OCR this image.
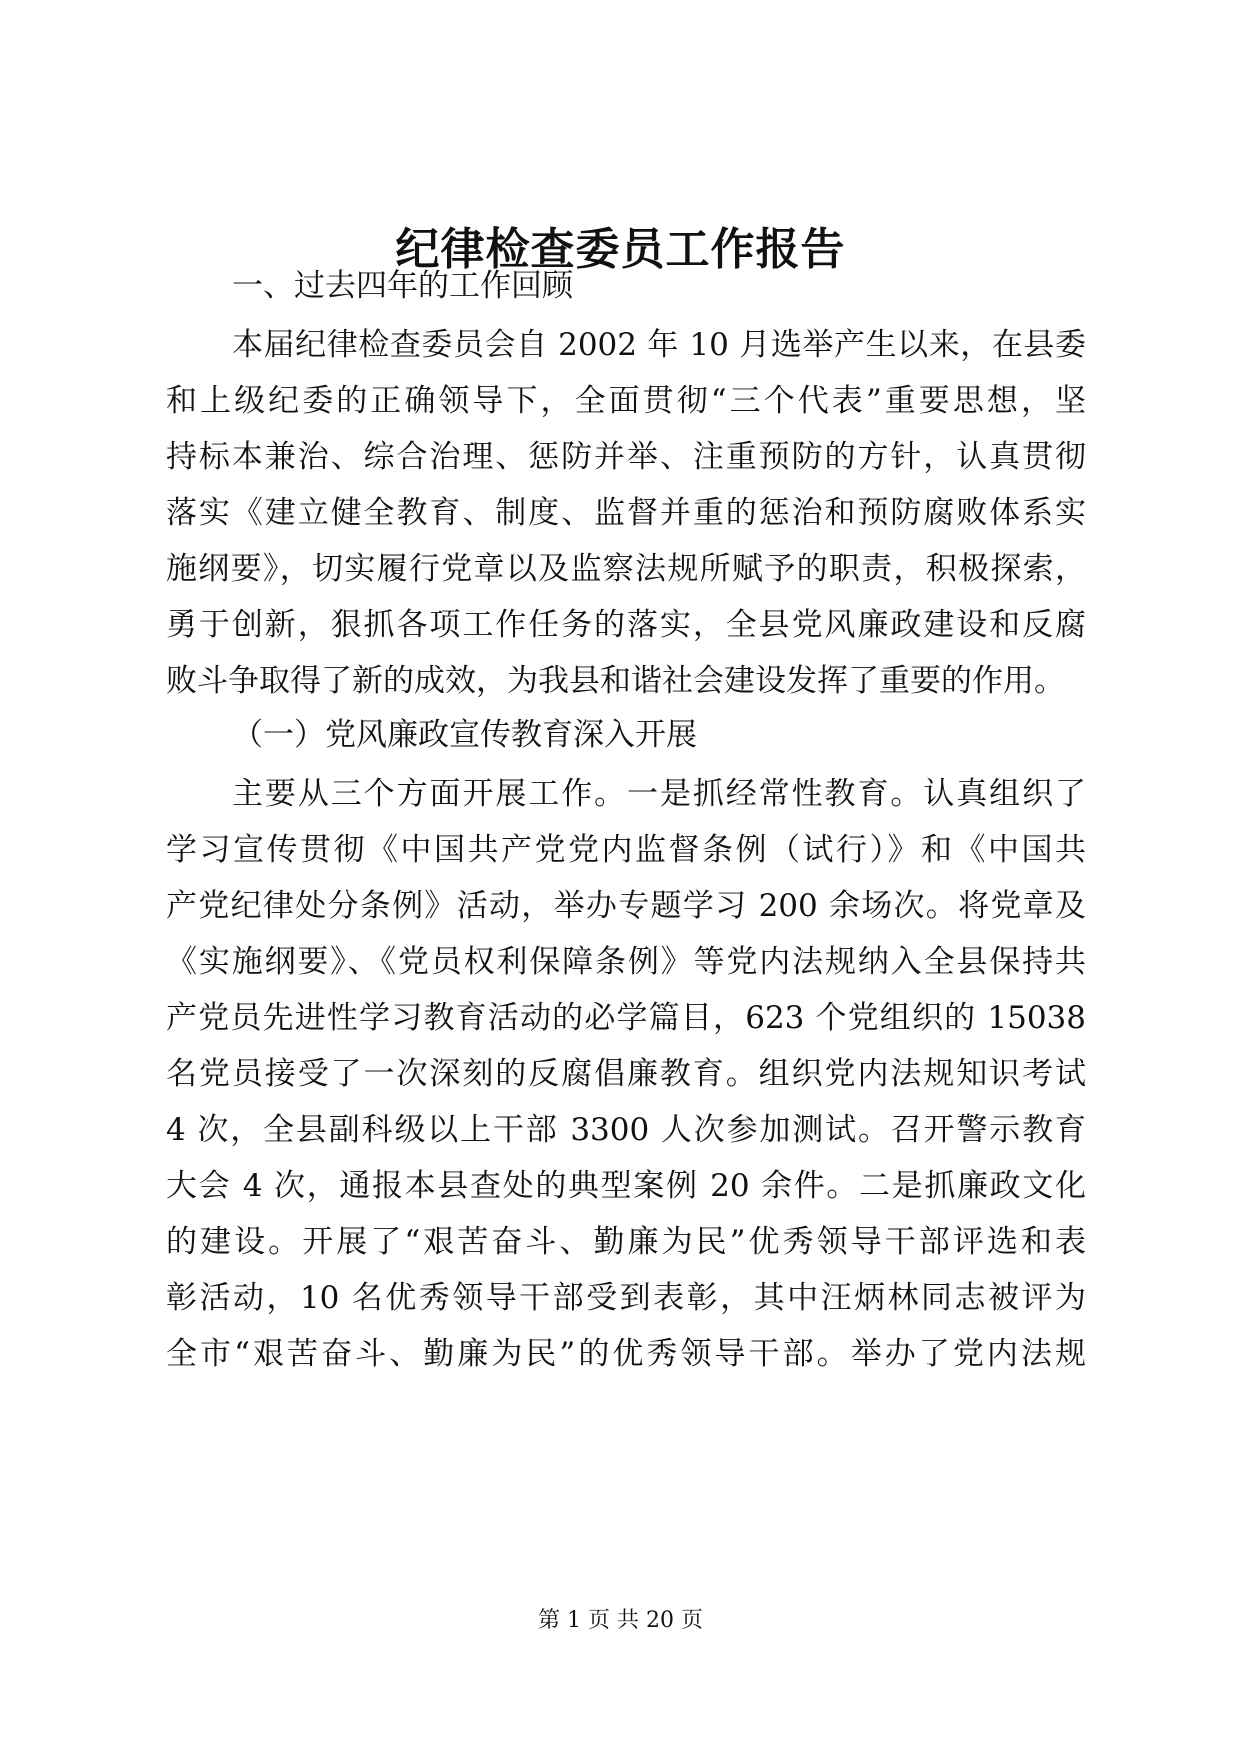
纪律检查委员工作报告
一、过去四年的工作回顾
本届纪律检查委员会自 2002 年 10 月选举产生以来，在县委
和上级纪委的正确领导下，全面贯彻“三个代表”重要思想，坚
持标本兼治、综合治理、惩防并举、注重预防的方针，认真贯彻
落实《建立健全教育、制度、监督并重的惩治和预防腐败体系实
施纲要》，切实履行党章以及监察法规所赋予的职责，积极探索，
勇于创新，狠抓各项工作任务的落实，全县党风廉政建设和反腐
败斗争取得了新的成效，为我县和谐社会建设发挥了重要的作用。
（一）党风廉政宣传教育深入开展
主要从三个方面开展工作。一是抓经常性教育。认真组织了
学习宣传贯彻《中国共产党党内监督条例（试行）》和《中国共
产党纪律处分条例》活动，举办专题学习 200 余场次。将党章及
《实施纲要》、《党员权利保障条例》等党内法规纳入全县保持共
产党员先进性学习教育活动的必学篇目，623 个党组织的 15038
名党员接受了一次深刻的反腐倡廉教育。组织党内法规知识考试
4 次，全县副科级以上干部 3300 人次参加测试。召开警示教育
大会 4 次，通报本县查处的典型案例 20 余件。二是抓廉政文化
的建设。开展了“艰苦奋斗、勤廉为民”优秀领导干部评选和表
彰活动，10 名优秀领导干部受到表彰，其中汪炳林同志被评为
全市“艰苦奋斗、勤廉为民”的优秀领导干部。举办了党内法规
第 1 页 共 20 页
